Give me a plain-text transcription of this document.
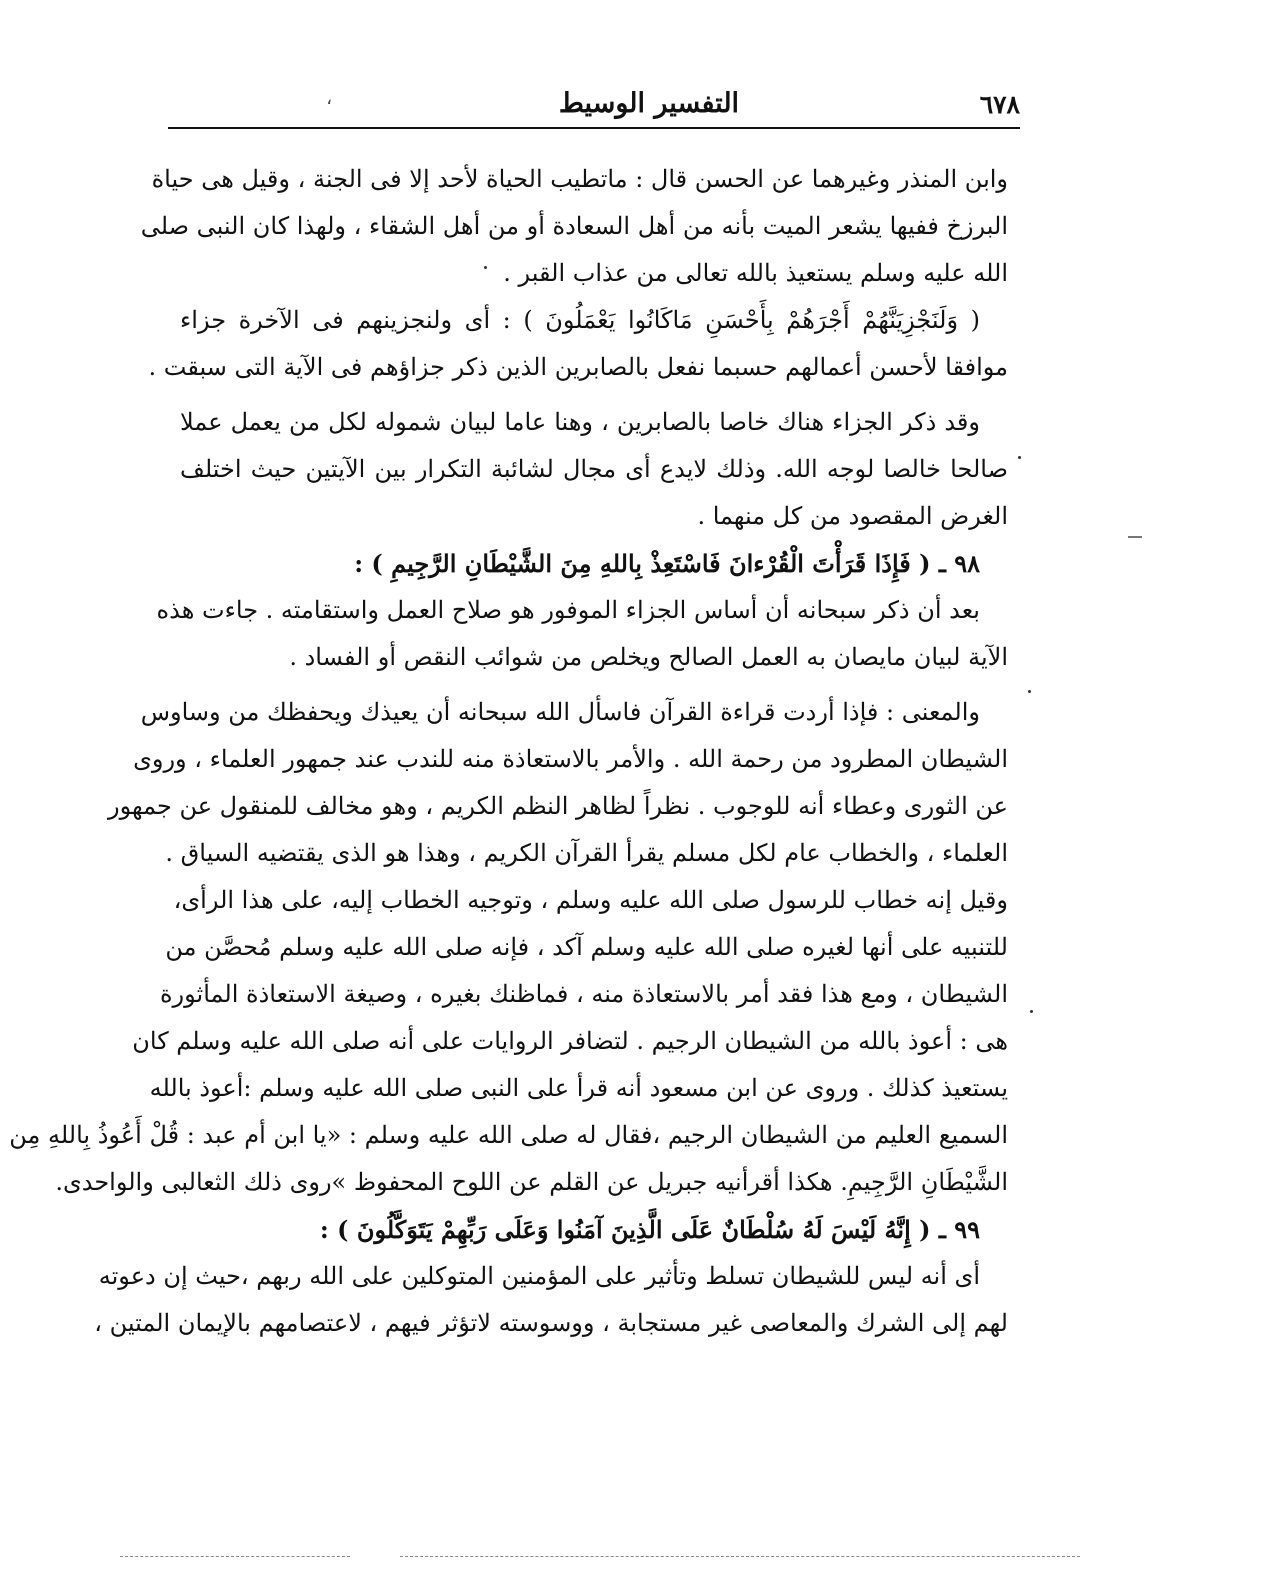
٦٧٨
،	التفسير الوسيط
وابن المنذر وغيرهما عن الحسن قال : ماتطيب الحياة لأحد إلا فى الجنة ، وقيل هى حياة
البرزخ ففيها يشعر الميت بأنه من أهل السعادة أو من أهل الشقاء ، ولهذا كان النبى صلى
الله عليه وسلم يستعيذ بالله تعالى من عذاب القبر .
( وَلَنَجْزِيَنَّهُمْ أَجْرَهُمْ بِأَحْسَنِ مَاكَانُوا يَعْمَلُونَ ) : أى ولنجزينهم فى الآخرة جزاء
موافقا لأحسن أعمالهم حسبما نفعل بالصابرين الذين ذكر جزاؤهم فى الآية التى سبقت .
وقد ذكر الجزاء هناك خاصا بالصابرين ، وهنا عاما لبيان شموله لكل من يعمل عملا
صالحا خالصا لوجه الله. وذلك لايدع أى مجال لشائبة التكرار بين الآيتين حيث اختلف
الغرض المقصود من كل منهما .
٩٨ ـ ( فَإِذَا قَرَأْتَ الْقُرْءانَ فَاسْتَعِذْ بِاللهِ مِنَ الشَّيْطَانِ الرَّجِيمِ ) :
بعد أن ذكر سبحانه أن أساس الجزاء الموفور هو صلاح العمل واستقامته . جاءت هذه
الآية لبيان مايصان به العمل الصالح ويخلص من شوائب النقص أو الفساد .
والمعنى : فإذا أردت قراءة القرآن فاسأل الله سبحانه أن يعيذك ويحفظك من وساوس
الشيطان المطرود من رحمة الله . والأمر بالاستعاذة منه للندب عند جمهور العلماء ، وروى
عن الثورى وعطاء أنه للوجوب . نظراً لظاهر النظم الكريم ، وهو مخالف للمنقول عن جمهور
العلماء ، والخطاب عام لكل مسلم يقرأ القرآن الكريم ، وهذا هو الذى يقتضيه السياق .
وقيل إنه خطاب للرسول صلى الله عليه وسلم ، وتوجيه الخطاب إليه، على هذا الرأى،
للتنبيه على أنها لغيره صلى الله عليه وسلم آكد ، فإنه صلى الله عليه وسلم مُحصَّن من
الشيطان ، ومع هذا فقد أمر بالاستعاذة منه ، فماظنك بغيره ، وصيغة الاستعاذة المأثورة
هى : أعوذ بالله من الشيطان الرجيم . لتضافر الروايات على أنه صلى الله عليه وسلم كان
يستعيذ كذلك . وروى عن ابن مسعود أنه قرأ على النبى صلى الله عليه وسلم :أعوذ بالله
السميع العليم من الشيطان الرجيم ،فقال له صلى الله عليه وسلم : «يا ابن أم عبد : قُلْ أَعُوذُ بِاللهِ مِن
الشَّيْطَانِ الرَّجِيمِ. هكذا أقرأنيه جبريل عن القلم عن اللوح المحفوظ »روى ذلك الثعالبى والواحدى.
٩٩ ـ ( إِنَّهُ لَيْسَ لَهُ سُلْطَانٌ عَلَى الَّذِينَ آمَنُوا وَعَلَى رَبِّهِمْ يَتَوَكَّلُونَ ) :
أى أنه ليس للشيطان تسلط وتأثير على المؤمنين المتوكلين على الله ربهم ،حيث إن دعوته
لهم إلى الشرك والمعاصى غير مستجابة ، ووسوسته لاتؤثر فيهم ، لاعتصامهم بالإيمان المتين ،
